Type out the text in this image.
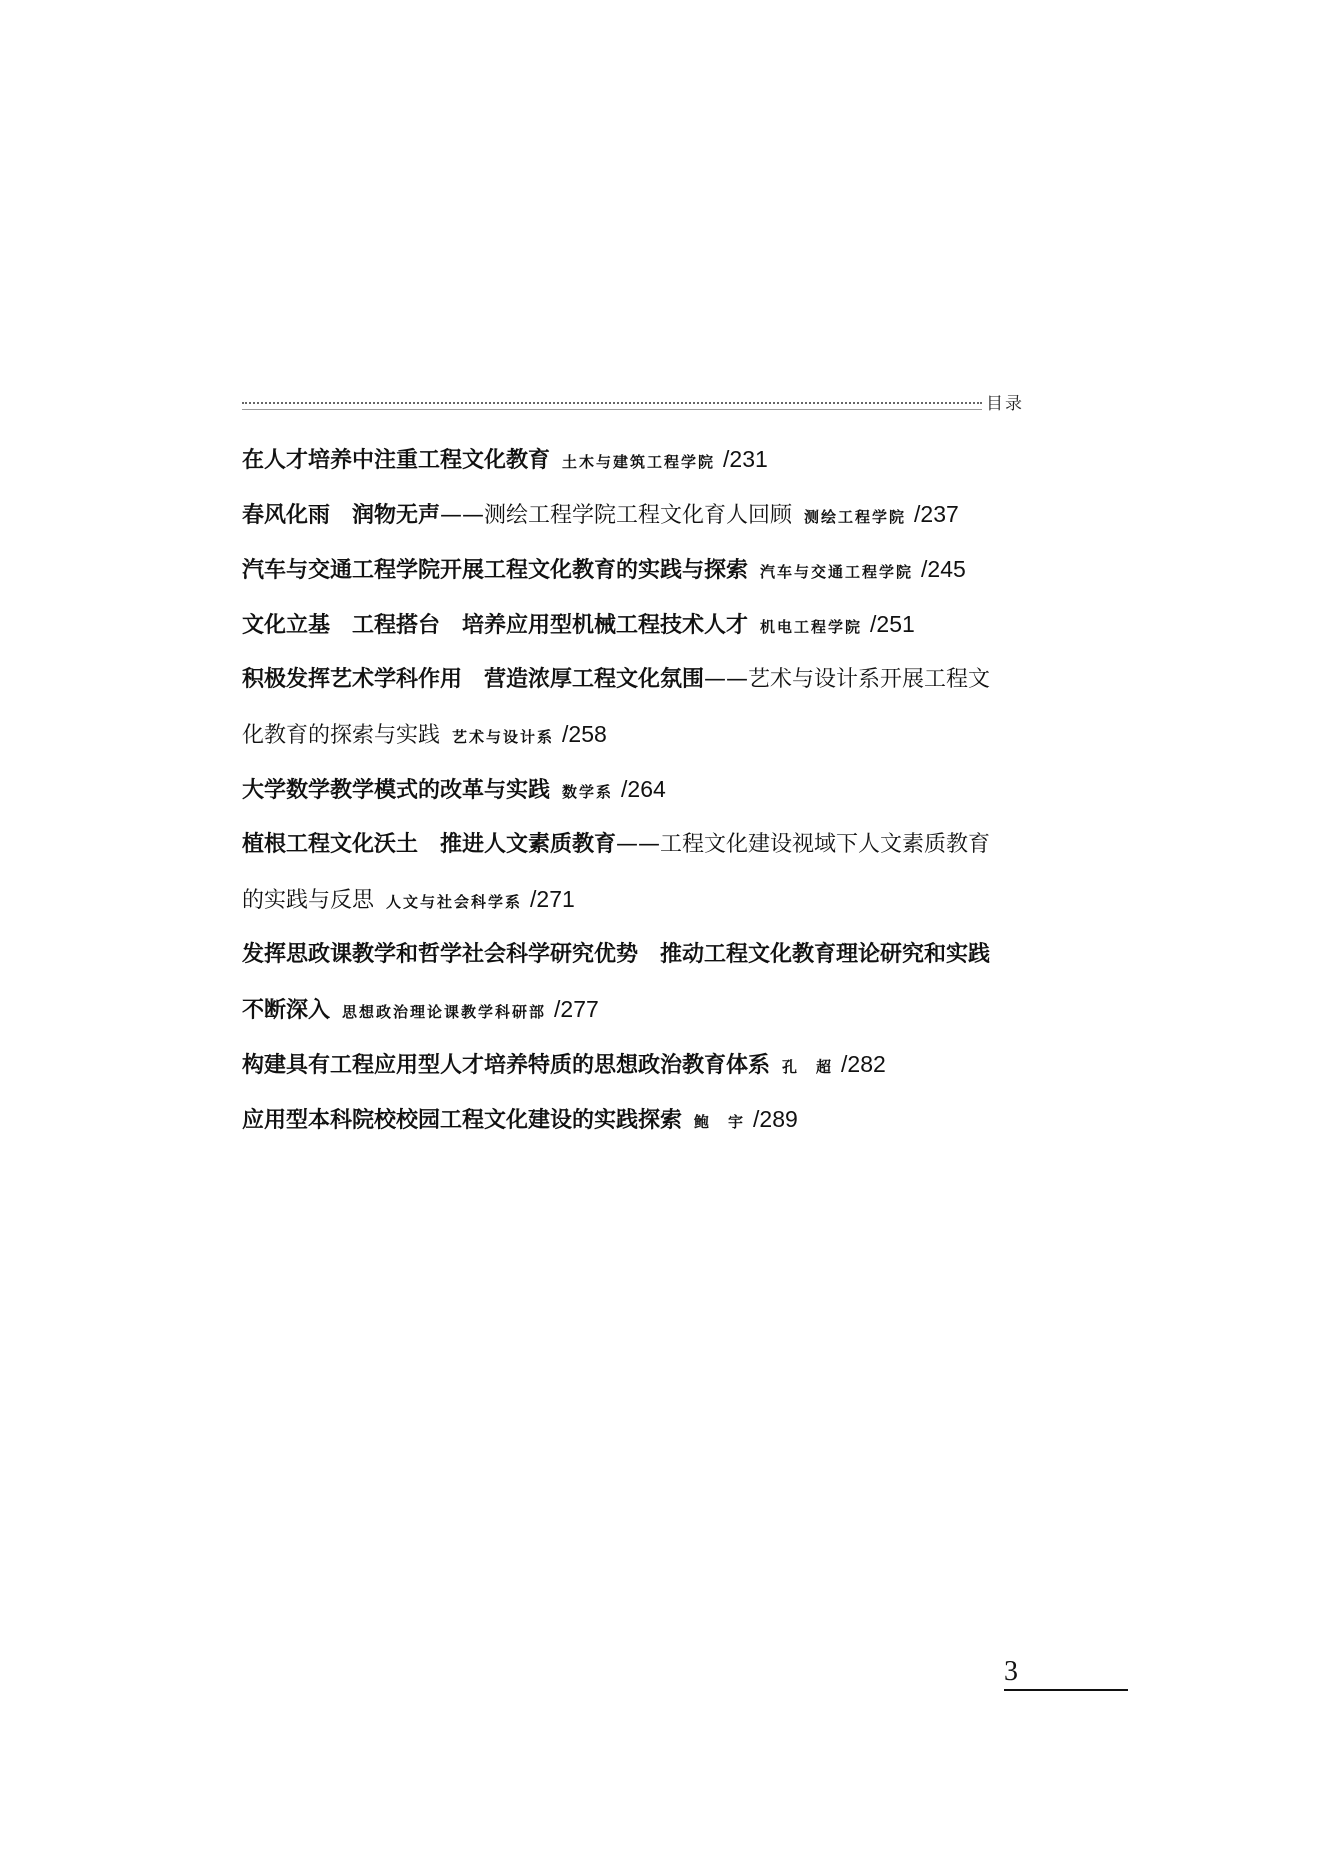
目录
在人才培养中注重工程文化教育 土木与建筑工程学院 /231
春风化雨　润物无声——测绘工程学院工程文化育人回顾 测绘工程学院 /237
汽车与交通工程学院开展工程文化教育的实践与探索 汽车与交通工程学院 /245
文化立基　工程搭台　培养应用型机械工程技术人才 机电工程学院 /251
积极发挥艺术学科作用　营造浓厚工程文化氛围——艺术与设计系开展工程文
化教育的探索与实践 艺术与设计系 /258
大学数学教学模式的改革与实践 数学系 /264
植根工程文化沃土　推进人文素质教育——工程文化建设视域下人文素质教育
的实践与反思 人文与社会科学系 /271
发挥思政课教学和哲学社会科学研究优势　推动工程文化教育理论研究和实践
不断深入 思想政治理论课教学科研部 /277
构建具有工程应用型人才培养特质的思想政治教育体系 孔　超 /282
应用型本科院校校园工程文化建设的实践探索 鲍　宇 /289
3
